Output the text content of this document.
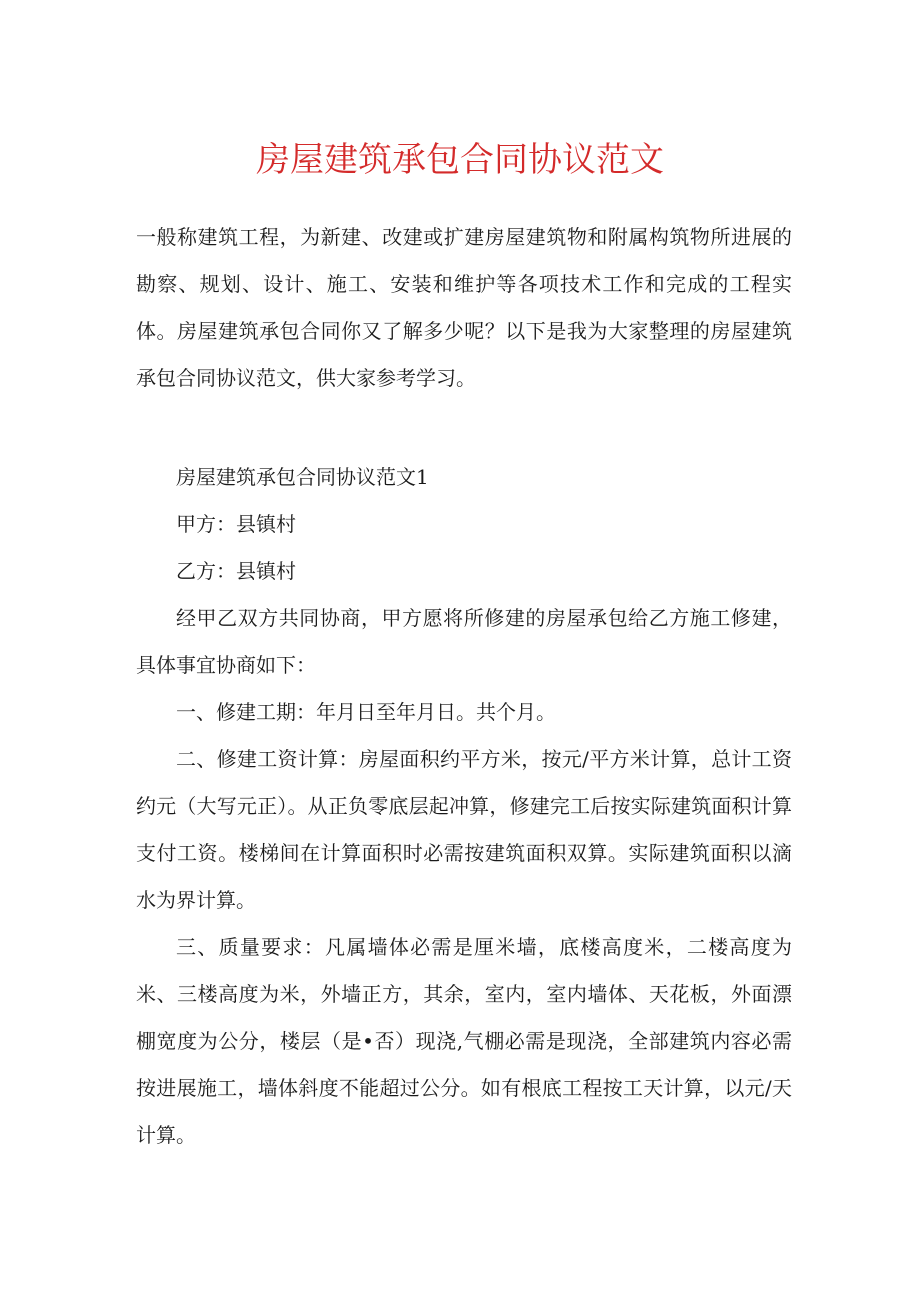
房屋建筑承包合同协议范文

一般称建筑工程，为新建、改建或扩建房屋建筑物和附属构筑物所进展的勘察、规划、设计、施工、安装和维护等各项技术工作和完成的工程实体。房屋建筑承包合同你又了解多少呢？以下是我为大家整理的房屋建筑承包合同协议范文，供大家参考学习。

房屋建筑承包合同协议范文1

甲方：县镇村

乙方：县镇村

经甲乙双方共同协商，甲方愿将所修建的房屋承包给乙方施工修建，具体事宜协商如下：

一、修建工期：年月日至年月日。共个月。

二、修建工资计算：房屋面积约平方米，按元/平方米计算，总计工资约元（大写元正）。从正负零底层起冲算，修建完工后按实际建筑面积计算支付工资。楼梯间在计算面积时必需按建筑面积双算。实际建筑面积以滴水为界计算。

三、质量要求：凡属墙体必需是厘米墙，底楼高度米，二楼高度为米、三楼高度为米，外墙正方，其余，室内，室内墙体、天花板，外面漂棚宽度为公分，楼层（是•否）现浇,气棚必需是现浇，全部建筑内容必需按进展施工，墙体斜度不能超过公分。如有根底工程按工天计算，以元/天计算。
